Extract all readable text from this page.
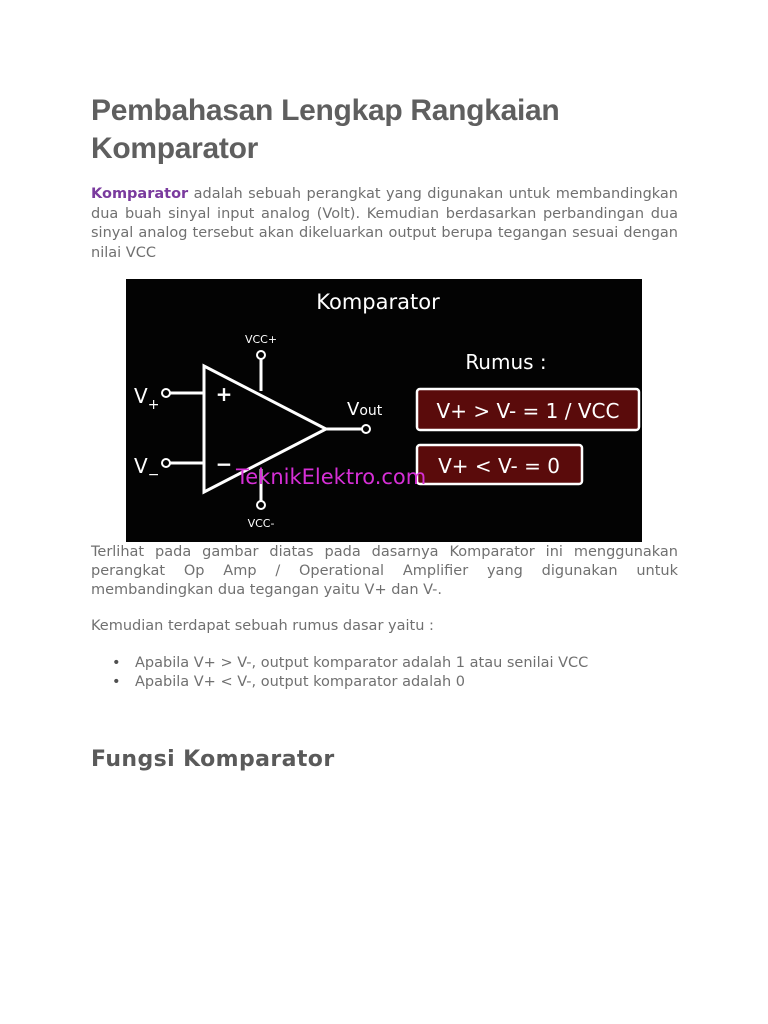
Pembahasan Lengkap Rangkaian Komparator

Komparator adalah sebuah perangkat yang digunakan untuk membandingkan dua buah sinyal input analog (Volt). Kemudian berdasarkan perbandingan dua sinyal analog tersebut akan dikeluarkan output berupa tegangan sesuai dengan nilai VCC

Komparator
+
−
VCC+
VCC-
$V_+$
$V_-$
Vout
Rumus :
V+ > V- = 1 / VCC
V+ < V- = 0
TeknikElektro.com

Terlihat pada gambar diatas pada dasarnya Komparator ini menggunakan perangkat Op Amp / Operational Amplifier yang digunakan untuk membandingkan dua tegangan yaitu V+ dan V-.

Kemudian terdapat sebuah rumus dasar yaitu :

• Apabila V+ > V-, output komparator adalah 1 atau senilai VCC
• Apabila V+ < V-, output komparator adalah 0
Fungsi Komparator
